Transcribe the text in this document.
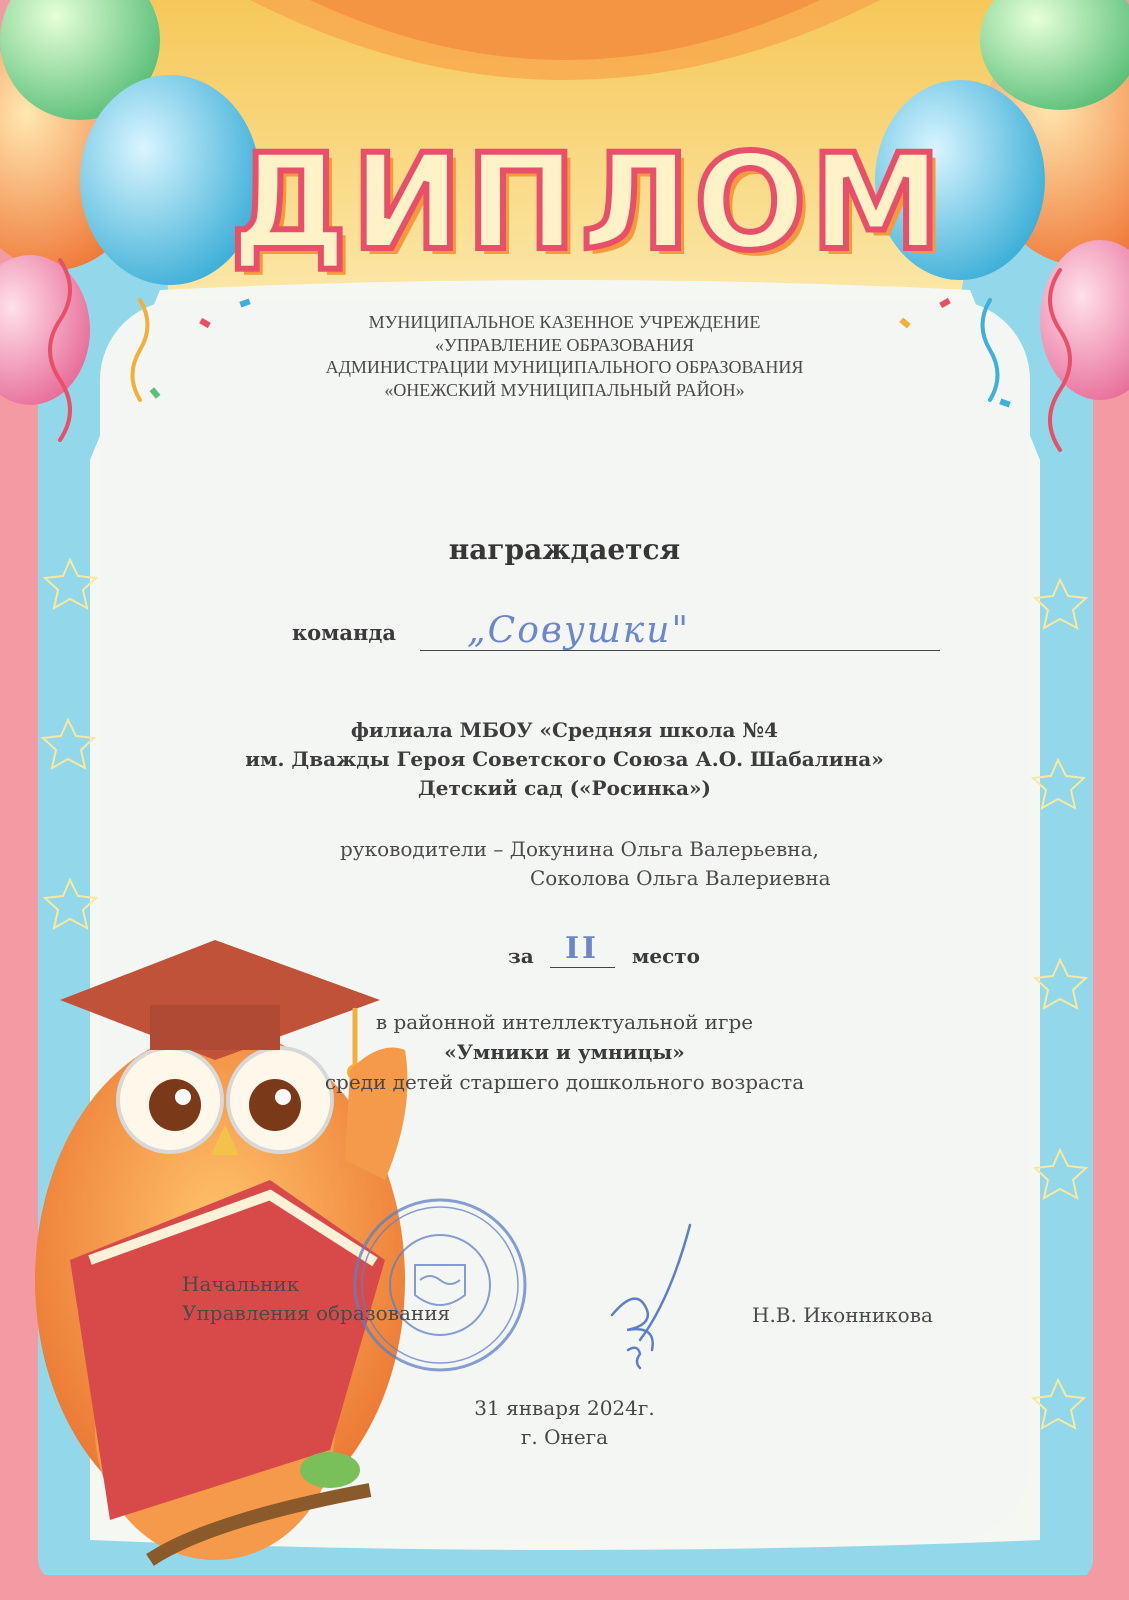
ДИПЛОМ
МУНИЦИПАЛЬНОЕ КАЗЕННОЕ УЧРЕЖДЕНИЕ
«УПРАВЛЕНИЕ ОБРАЗОВАНИЯ
АДМИНИСТРАЦИИ МУНИЦИПАЛЬНОГО ОБРАЗОВАНИЯ
«ОНЕЖСКИЙ МУНИЦИПАЛЬНЫЙ РАЙОН»
награждается
команда „Совушки"
филиала МБОУ «Средняя школа №4
им. Дважды Героя Советского Союза А.О. Шабалина»
Детский сад («Росинка»)
руководители – Докунина Ольга Валерьевна,
Соколова Ольга Валериевна
за II место
в районной интеллектуальной игре
«Умники и умницы»
среди детей старшего дошкольного возраста
Начальник
Управления образования	Н.В. Иконникова
31 января 2024г.
г. Онега
